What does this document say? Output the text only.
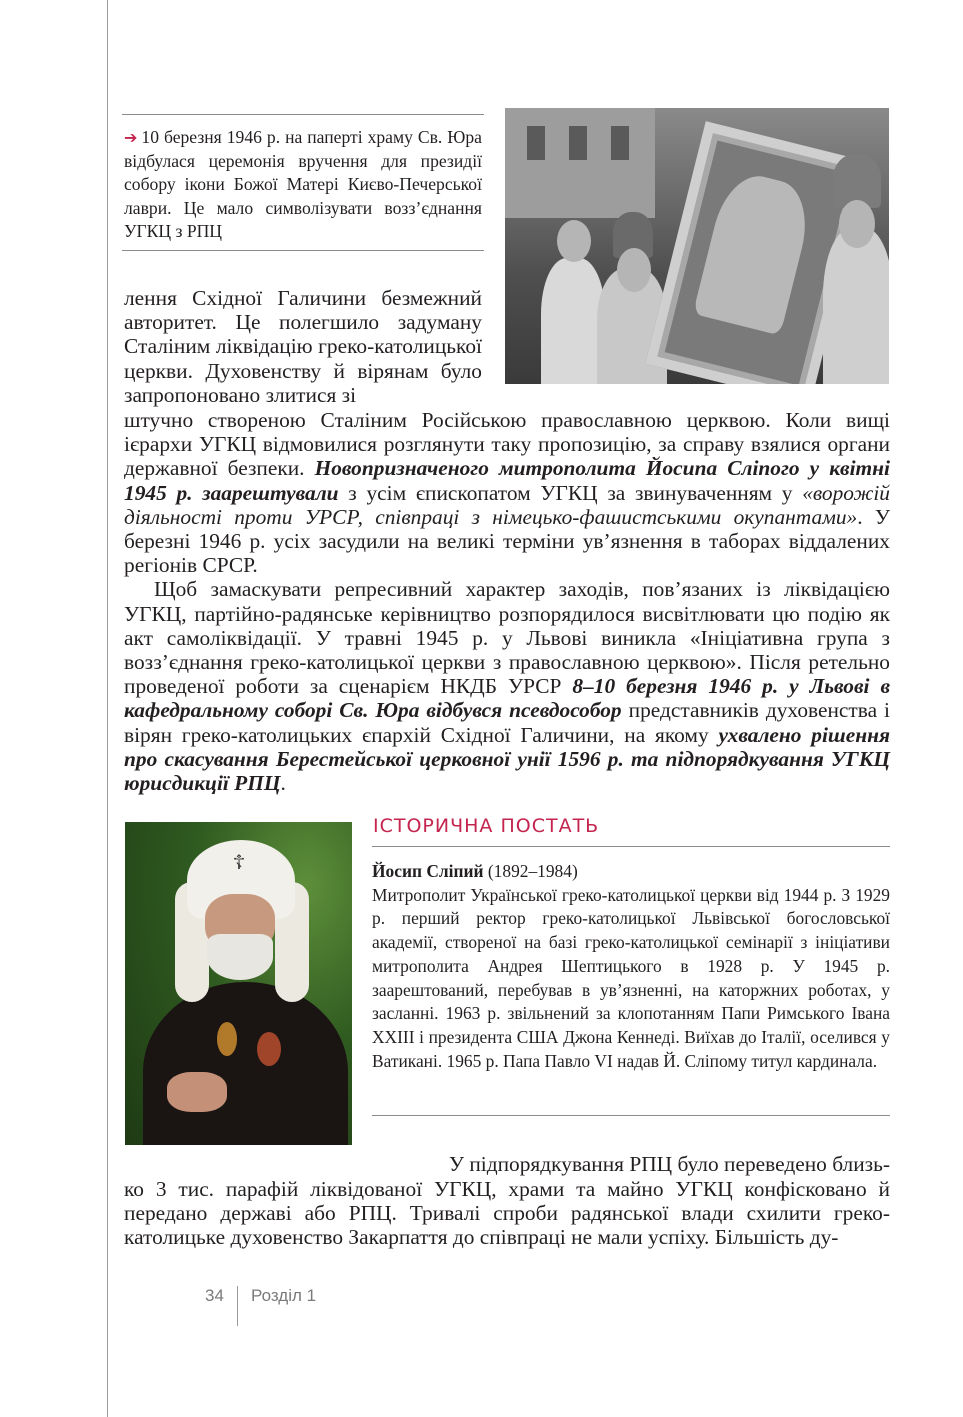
➔ 10 березня 1946 р. на паперті храму Св. Юра відбулася церемонія вручення для президії собору ікони Божої Матері Києво-Печерської лаври. Це мало символізувати возз’єднання УГКЦ з РПЦ
лення Східної Галичини безмежний авторитет. Це полегшило задуману Сталіним ліквідацію греко-католицької церкви. Духовенству й вірянам було запропоновано злитися зі

штучно створеною Сталіним Російською православною церквою. Коли вищі ієрархи УГКЦ відмовилися розглянути таку пропозицію, за справу взялися органи державної безпеки. Новопризначеного митрополита Йосипа Сліпого у квітні 1945 р. заарештували з усім єпископатом УГКЦ за звинуваченням у «ворожій діяльності проти УРСР, співпраці з німецько-фашистськими окупантами». У березні 1946 р. усіх засудили на великі терміни ув’язнення в таборах віддалених регіонів СРСР.

Щоб замаскувати репресивний характер заходів, пов’язаних із ліквідацією УГКЦ, партійно-радянське керівництво розпорядилося висвітлювати цю подію як акт самоліквідації. У травні 1945 р. у Львові виникла «Ініціативна група з возз’єднання греко-католицької церкви з православною церквою». Після ретельно проведеної роботи за сценарієм НКДБ УРСР 8–10 березня 1946 р. у Львові в кафедральному соборі Св. Юра відбувся псевдособор представників духовенства і вірян греко-католицьких єпархій Східної Галичини, на якому ухвалено рішення про скасування Берестейської церковної унії 1596 р. та підпорядкування УГКЦ юрисдикції РПЦ.

☦
ІСТОРИЧНА ПОСТАТЬ
Йосип Сліпий (1892–1984)
Митрополит Української греко-католицької церкви від 1944 р. З 1929 р. перший ректор греко-католицької Львівської богословської академії, створеної на базі греко-католицької семінарії з ініціативи митрополита Андрея Шептицького в 1928 р. У 1945 р. заарештований, перебував в ув’язненні, на каторжних роботах, у засланні. 1963 р. звільнений за клопотанням Папи Римського Івана XXIII і президента США Джона Кеннеді. Виїхав до Італії, оселився у Ватикані. 1965 р. Папа Павло VI надав Й. Сліпому титул кардинала.
У підпорядкування РПЦ було переведено близь-
ко 3 тис. парафій ліквідованої УГКЦ, храми та майно УГКЦ конфісковано й передано державі або РПЦ. Тривалі спроби радянської влади схилити греко-католицьке духовенство Закарпаття до співпраці не мали успіху. Більшість ду-
34 Розділ 1
